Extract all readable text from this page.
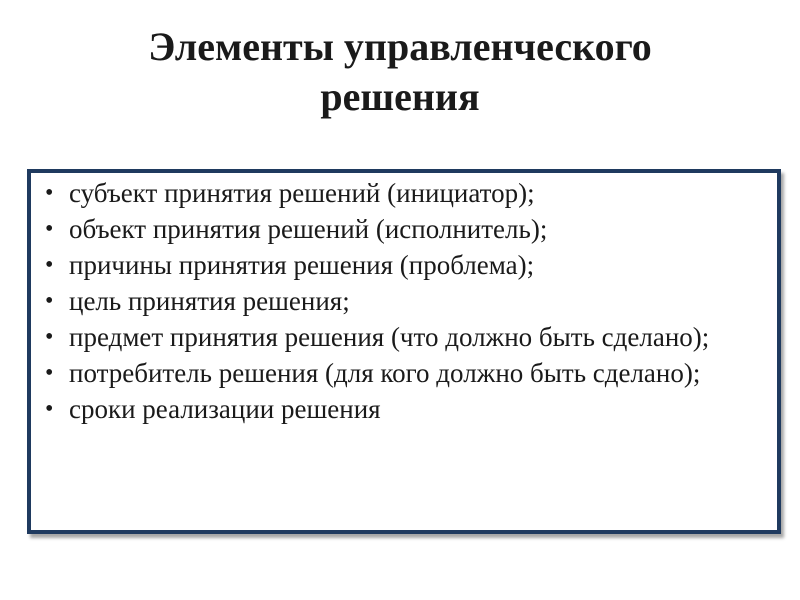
Элементы управленческого
решения
• субъект принятия решений (инициатор);
• объект принятия решений (исполнитель);
• причины принятия решения (проблема);
• цель принятия решения;
• предмет принятия решения (что должно быть сделано);
• потребитель решения (для кого должно быть сделано);
• сроки реализации решения
